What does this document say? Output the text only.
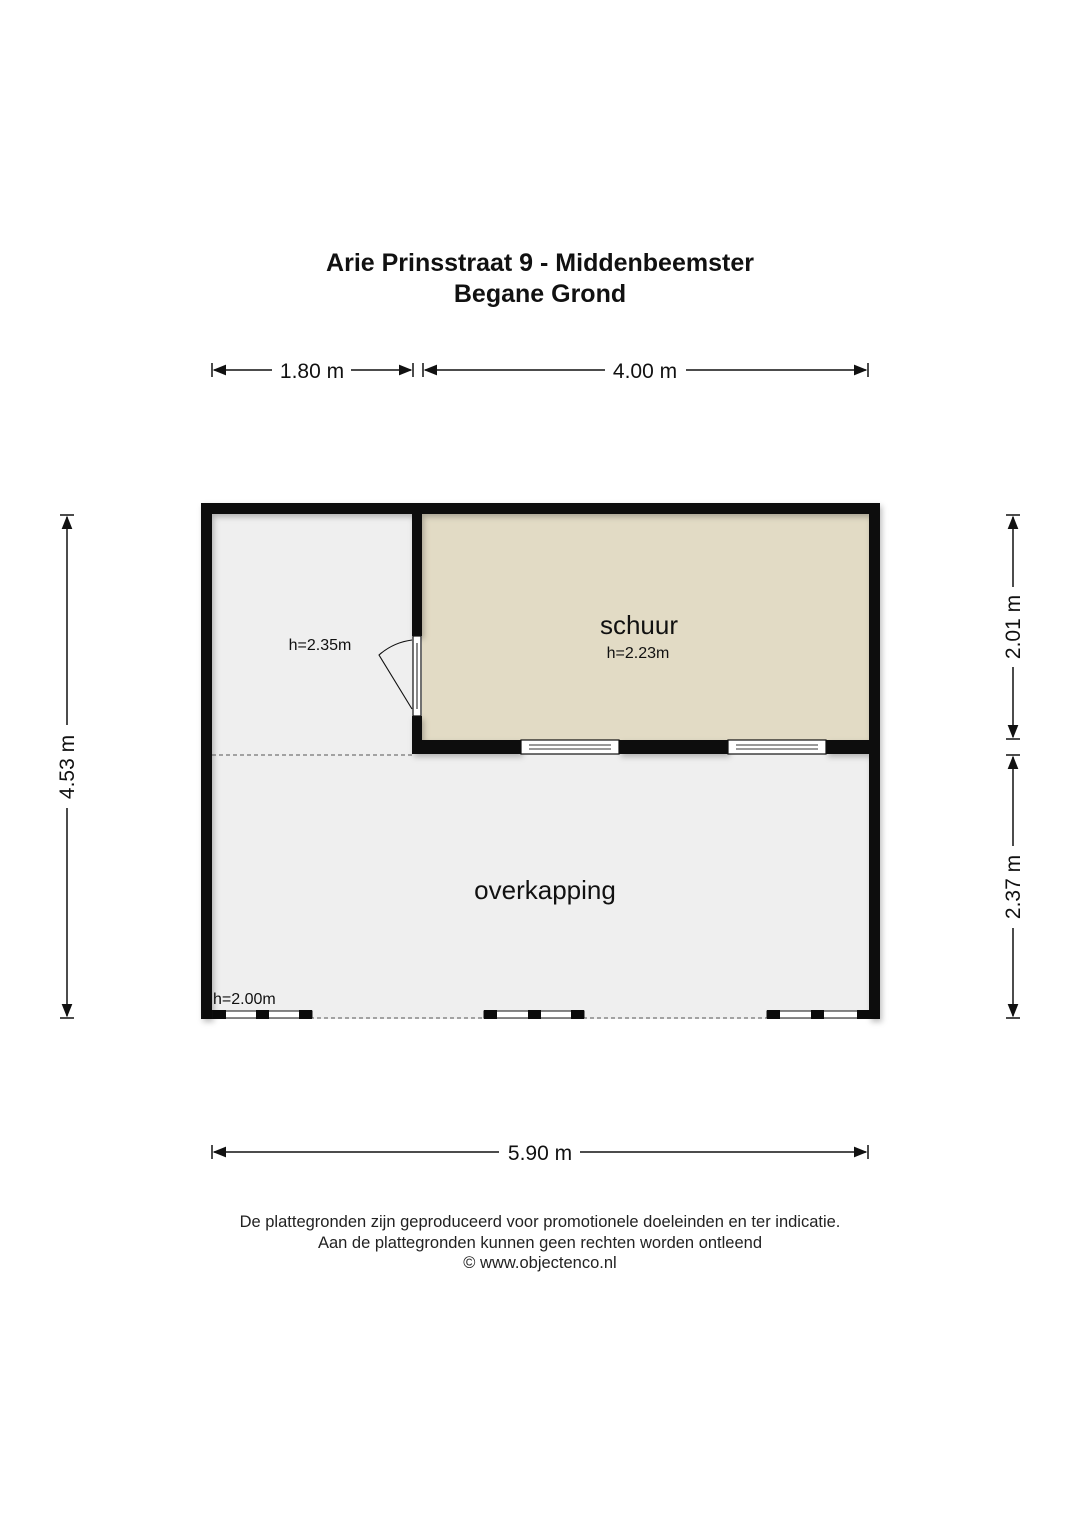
Arie Prinsstraat 9 - Middenbeemster
Begane Grond
schuur
h=2.23m
h=2.35m
overkapping
h=2.00m
1.80 m	4.00 m
5.90 m
4.53 m
2.01 m
2.37 m
De plattegronden zijn geproduceerd voor promotionele doeleinden en ter indicatie.
Aan de plattegronden kunnen geen rechten worden ontleend
© www.objectenco.nl
